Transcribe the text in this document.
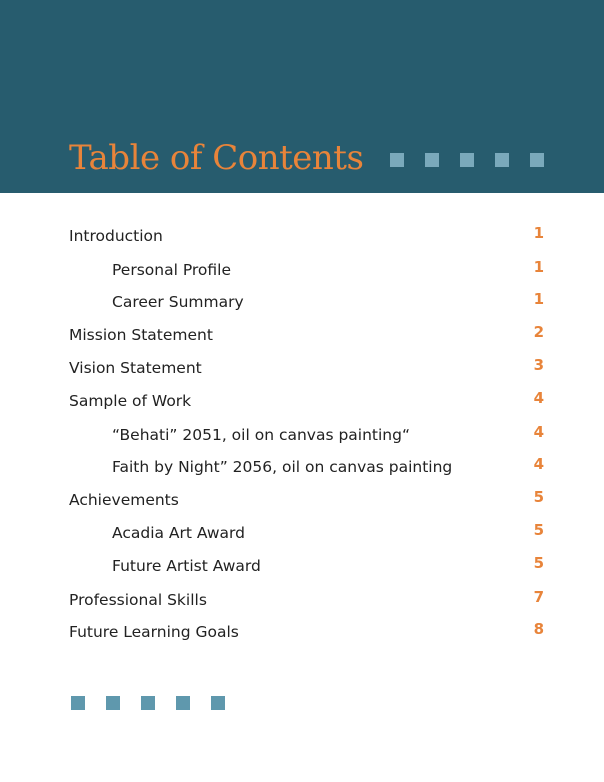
Table of Contents
Introduction	1
Personal Profile	1
Career Summary	1
Mission Statement	2
Vision Statement	3
Sample of Work	4
“Behati” 2051, oil on canvas painting“	4
Faith by Night” 2056, oil on canvas painting	4
Achievements	5
Acadia Art Award	5
Future Artist Award	5
Professional Skills	7
Future Learning Goals	8
